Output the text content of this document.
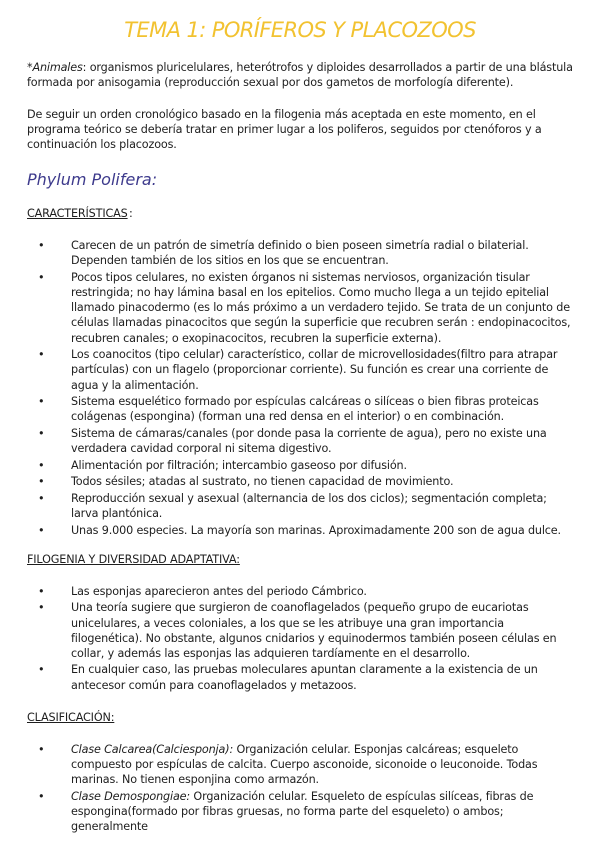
TEMA 1: PORÍFEROS Y PLACOZOOS

*Animales: organismos pluricelulares, heterótrofos y diploides desarrollados a partir de una blástula formada por anisogamia (reproducción sexual por dos gametos de morfología diferente).

De seguir un orden cronológico basado en la filogenia más aceptada en este momento, en el programa teórico se debería tratar en primer lugar a los poliferos, seguidos por ctenóforos y a continuación los placozoos.

Phylum Polifera:

CARACTERÍSTICAS :
• Carecen de un patrón de simetría definido o bien poseen simetría radial o bilaterial. Dependen también de los sitios en los que se encuentran.
• Pocos tipos celulares, no existen órganos ni sistemas nerviosos, organización tisular restringida; no hay lámina basal en los epitelios. Como mucho llega a un tejido epitelial llamado pinacodermo (es lo más próximo a un verdadero tejido. Se trata de un conjunto de células llamadas pinacocitos que según la superficie que recubren serán : endopinacocitos, recubren canales; o exopinacocitos, recubren la superficie externa).
• Los coanocitos (tipo celular) característico, collar de microvellosidades(filtro para atrapar partículas) con un flagelo (proporcionar corriente). Su función es crear una corriente de agua y la alimentación.
• Sistema esquelético formado por espículas calcáreas o silíceas o bien fibras proteicas colágenas (espongina) (forman una red densa en el interior) o en combinación.
• Sistema de cámaras/canales (por donde pasa la corriente de agua), pero no existe una verdadera cavidad corporal ni sitema digestivo.
• Alimentación por filtración; intercambio gaseoso por difusión.
• Todos sésiles; atadas al sustrato, no tienen capacidad de movimiento.
• Reproducción sexual y asexual (alternancia de los dos ciclos); segmentación completa; larva plantónica.
• Unas 9.000 especies. La mayoría son marinas. Aproximadamente 200 son de agua dulce.

FILOGENIA Y DIVERSIDAD ADAPTATIVA:

• Las esponjas aparecieron antes del periodo Cámbrico.
• Una teoría sugiere que surgieron de coanoflagelados (pequeño grupo de eucariotas unicelulares, a veces coloniales, a los que se les atribuye una gran importancia filogenética). No obstante, algunos cnidarios y equinodermos también poseen células en collar, y además las esponjas las adquieren tardíamente en el desarrollo.
• En cualquier caso, las pruebas moleculares apuntan claramente a la existencia de un antecesor común para coanoflagelados y metazoos.

CLASIFICACIÓN:

• Clase Calcarea(Calciesponja): Organización celular. Esponjas calcáreas; esqueleto compuesto por espículas de calcita. Cuerpo asconoide, siconoide o leuconoide. Todas marinas. No tienen esponjina como armazón.
• Clase Demospongiae: Organización celular. Esqueleto de espículas silíceas, fibras de espongina(formado por fibras gruesas, no forma parte del esqueleto) o ambos; generalmente
